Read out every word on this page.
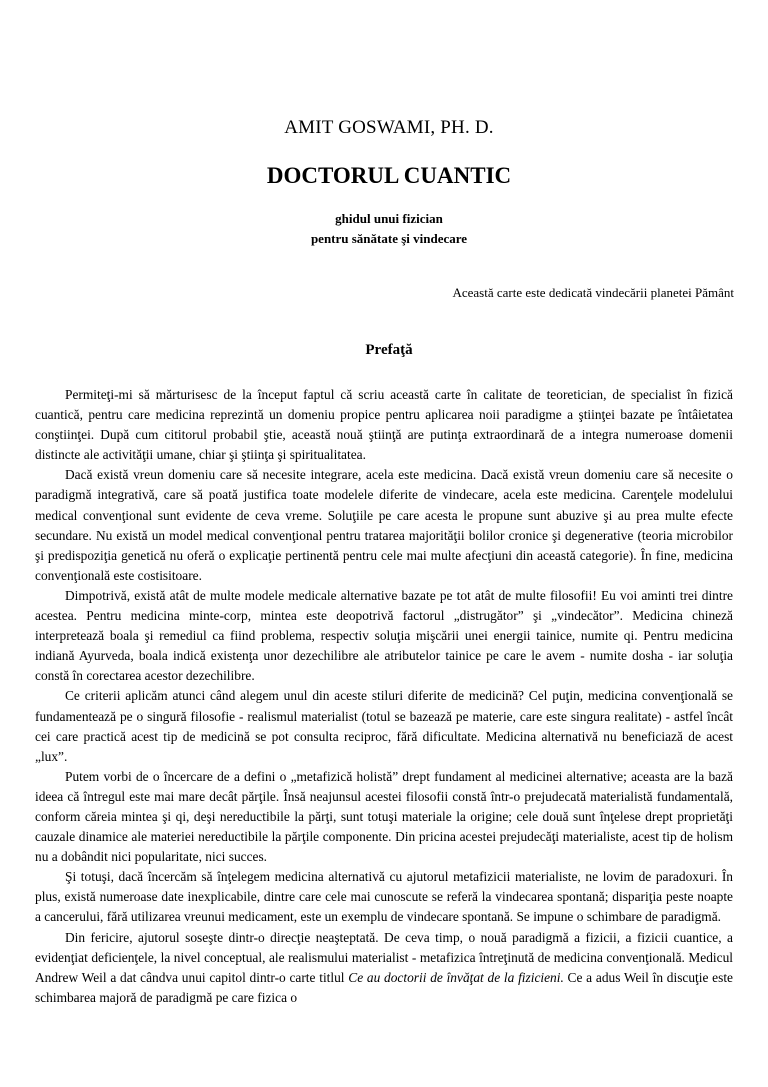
AMIT GOSWAMI, PH. D.
DOCTORUL CUANTIC
ghidul unui fizician
pentru sănătate şi vindecare
Această carte este dedicată vindecării planetei Pământ
Prefaţă

Permiteţi-mi să mărturisesc de la început faptul că scriu această carte în calitate de teoretician, de specialist în fizică cuantică, pentru care medicina reprezintă un domeniu propice pentru aplicarea noii paradigme a ştiinţei bazate pe întâietatea conştiinţei. După cum cititorul probabil ştie, această nouă ştiinţă are putinţa extraordinară de a integra numeroase domenii distincte ale activităţii umane, chiar şi ştiinţa şi spiritualitatea.

Dacă există vreun domeniu care să necesite integrare, acela este medicina. Dacă există vreun domeniu care să necesite o paradigmă integrativă, care să poată justifica toate modelele diferite de vindecare, acela este medicina. Carenţele modelului medical convenţional sunt evidente de ceva vreme. Soluţiile pe care acesta le propune sunt abuzive şi au prea multe efecte secundare. Nu există un model medical convenţional pentru tratarea majorităţii bolilor cronice şi degenerative (teoria microbilor şi predispoziţia genetică nu oferă o explicaţie pertinentă pentru cele mai multe afecţiuni din această categorie). În fine, medicina convenţională este costisitoare.

Dimpotrivă, există atât de multe modele medicale alternative bazate pe tot atât de multe filosofii! Eu voi aminti trei dintre acestea. Pentru medicina minte-corp, mintea este deopotrivă factorul „distrugător” şi „vindecător”. Medicina chineză interpretează boala şi remediul ca fiind problema, respectiv soluţia mişcării unei energii tainice, numite qi. Pentru medicina indiană Ayurveda, boala indică existenţa unor dezechilibre ale atributelor tainice pe care le avem - numite dosha - iar soluţia constă în corectarea acestor dezechilibre.

Ce criterii aplicăm atunci când alegem unul din aceste stiluri diferite de medicină? Cel puţin, medicina convenţională se fundamentează pe o singură filosofie - realismul materialist (totul se bazează pe materie, care este singura realitate) - astfel încât cei care practică acest tip de medicină se pot consulta reciproc, fără dificultate. Medicina alternativă nu beneficiază de acest „lux”.

Putem vorbi de o încercare de a defini o „metafizică holistă” drept fundament al medicinei alternative; aceasta are la bază ideea că întregul este mai mare decât părţile. Însă neajunsul acestei filosofii constă într-o prejudecată materialistă fundamentală, conform căreia mintea şi qi, deşi nereductibile la părţi, sunt totuşi materiale la origine; cele două sunt înţelese drept proprietăţi cauzale dinamice ale materiei nereductibile la părţile componente. Din pricina acestei prejudecăţi materialiste, acest tip de holism nu a dobândit nici popularitate, nici succes.

Şi totuşi, dacă încercăm să înţelegem medicina alternativă cu ajutorul metafizicii materialiste, ne lovim de paradoxuri. În plus, există numeroase date inexplicabile, dintre care cele mai cunoscute se referă la vindecarea spontană; dispariţia peste noapte a cancerului, fără utilizarea vreunui medicament, este un exemplu de vindecare spontană. Se impune o schimbare de paradigmă.

Din fericire, ajutorul soseşte dintr-o direcţie neaşteptată. De ceva timp, o nouă paradigmă a fizicii, a fizicii cuantice, a evidenţiat deficienţele, la nivel conceptual, ale realismului materialist - metafizica întreţinută de medicina convenţională. Medicul Andrew Weil a dat cândva unui capitol dintr-o carte titlul Ce au doctorii de învăţat de la fizicieni. Ce a adus Weil în discuţie este schimbarea majoră de paradigmă pe care fizica o
